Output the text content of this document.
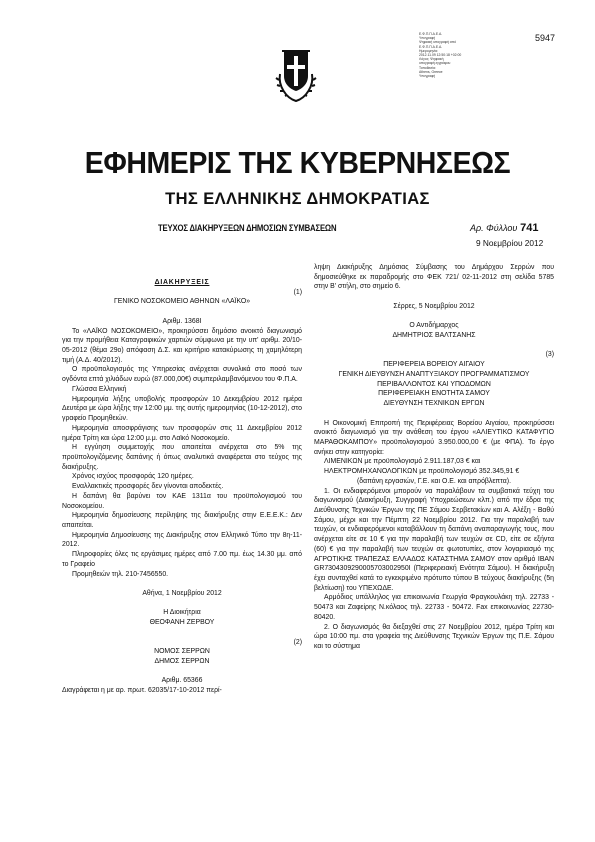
Ε.Φ.Π.Π.Α.Ε.Α.
Υπογραφή
Ψηφιακή υπογραφή από
Ε.Φ.Π.Π.Α.Ε.Α.
Ημερομηνία:
2012.11.09 12:50:18 +02:00
Λόγος: Ψηφιακή
υπογραφή εγγράφου
Τοποθεσία:
Athens, Greece
Υπογραφή
5947
ΕΦΗΜΕΡΙΣ ΤΗΣ ΚΥΒΕΡΝΗΣΕΩΣ
ΤΗΣ ΕΛΛΗΝΙΚΗΣ ΔΗΜΟΚΡΑΤΙΑΣ
ΤΕΥΧΟΣ ΔΙΑΚΗΡΥΞΕΩΝ ΔΗΜΟΣΙΩΝ ΣΥΜΒΑΣΕΩΝ	Αρ. Φύλλου 741
9 Νοεμβρίου 2012

ΔΙΑΚΗΡΥΞΕΙΣ

(1)

ΓΕΝΙΚΟ ΝΟΣΟΚΟΜΕΙΟ ΑΘΗΝΩΝ «ΛΑΪΚΟ»

Αριθμ. 1368Ι

Το «ΛΑΪΚΟ ΝΟΣΟΚΟΜΕΙΟ», προκηρύσσει δημόσιο ανοικτό διαγωνισμό για την προμήθεια Καταγραφικών χαρτιών σύμφωνα με την υπ' αριθμ. 20/10-05-2012 (θέμα 29ο) απόφαση Δ.Σ. και κριτήριο κατακύρωσης τη χαμηλότερη τιμή (Α.Δ. 40/2012).

Ο προϋπολογισμός της Υπηρεσίας ανέρχεται συνολικά στο ποσό των ογδόντα επτά χιλιάδων ευρώ (87.000,00€) συμπεριλαμβανόμενου του Φ.Π.Α.

Γλώσσα Ελληνική

Ημερομηνία λήξης υποβολής προσφορών 10 Δεκεμβρίου 2012 ημέρα Δευτέρα με ώρα λήξης την 12:00 μμ. της αυτής ημερομηνίας (10-12-2012), στο γραφείο Προμηθειών.

Ημερομηνία αποσφράγισης των προσφορών στις 11 Δεκεμβρίου 2012 ημέρα Τρίτη και ώρα 12:00 μ.μ. στο Λαϊκό Νοσοκομείο.

Η εγγύηση συμμετοχής που απαιτείται ανέρχεται στο 5% της προϋπολογιζόμενης δαπάνης ή όπως αναλυτικά αναφέρεται στο τεύχος της διακήρυξης.

Χρόνος ισχύος προσφοράς 120 ημέρες.

Εναλλακτικές προσφορές δεν γίνονται αποδεκτές.

Η δαπάνη θα βαρύνει τον ΚΑΕ 1311α του προϋπολογισμού του Νοσοκομείου.

Ημερομηνία δημοσίευσης περίληψης της διακήρυξης στην Ε.Ε.Ε.Κ.: Δεν απαιτείται.

Ημερομηνία Δημοσίευσης της Διακήρυξης στον Ελληνικό Τύπο την 8η-11-2012.

Πληροφορίες όλες τις εργάσιμες ημέρες από 7.00 πμ. έως 14.30 μμ. από το Γραφείο

Προμηθειών τηλ. 210-7456550.

Αθήνα, 1 Νοεμβρίου 2012

Η Διοικήτρια

ΘΕΟΦΑΝΗ ΖΕΡΒΟΥ

(2)

ΝΟΜΟΣ ΣΕΡΡΩΝ

ΔΗΜΟΣ ΣΕΡΡΩΝ

Αριθμ. 65366

Διαγράφεται η με αρ. πρωτ. 62035/17-10-2012 περί-

ληψη Διακήρυξης Δημόσιας Σύμβασης του Δημάρχου Σερρών που δημοσιεύθηκε εκ παραδρομής στο ΦΕΚ 721/ 02-11-2012 στη σελίδα 5785 στην Β' στήλη, στο σημείο 6.

Σέρρες, 5 Νοεμβρίου 2012

Ο Αντιδήμαρχος

ΔΗΜΗΤΡΙΟΣ ΒΑΛΤΣΑΝΗΣ

(3)

ΠΕΡΙΦΕΡΕΙΑ ΒΟΡΕΙΟΥ ΑΙΓΑΙΟΥ

ΓΕΝΙΚΗ ΔΙΕΥΘΥΝΣΗ ΑΝΑΠΤΥΞΙΑΚΟΥ ΠΡΟΓΡΑΜΜΑΤΙΣΜΟΥ

ΠΕΡΙΒΑΛΛΟΝΤΟΣ ΚΑΙ ΥΠΟΔΟΜΩΝ

ΠΕΡΙΦΕΡΕΙΑΚΗ ΕΝΟΤΗΤΑ ΣΑΜΟΥ

ΔΙΕΥΘΥΝΣΗ ΤΕΧΝΙΚΩΝ ΕΡΓΩΝ

Η Οικονομική Επιτροπή της Περιφέρειας Βορείου Αιγαίου, προκηρύσσει ανοικτό διαγωνισμό για την ανάθεση του έργου «ΑΛΙΕΥΤΙΚΟ ΚΑΤΑΦΥΓΙΟ ΜΑΡΑΘΟΚΑΜΠΟΥ» προϋπολογισμού 3.950.000,00 € (με ΦΠΑ). Το έργο ανήκει στην κατηγορία:

ΛΙΜΕΝΙΚΩΝ με προϋπολογισμό 2.911.187,03 € και

ΗΛΕΚΤΡΟΜΗΧΑΝΟΛΟΓΙΚΩΝ με προϋπολογισμό 352.345,91 €

(δαπάνη εργασιών, Γ.Ε. και Ο.Ε. και απρόβλεπτα).

1. Οι ενδιαφερόμενοι μπορούν να παραλάβουν τα συμβατικά τεύχη του διαγωνισμού (Διακήρυξη, Συγγραφή Υποχρεώσεων κλπ.) από την έδρα της Διεύθυνσης Τεχνικών Έργων της ΠΕ Σάμου Σερβετακίων και Α. Αλέξη - Βαθύ Σάμου, μέχρι και την Πέμπτη 22 Νοεμβρίου 2012. Για την παραλαβή των τευχών, οι ενδιαφερόμενοι καταβάλλουν τη δαπάνη αναπαραγωγής τους, που ανέρχεται είτε σε 10 € για την παραλαβή των τευχών σε CD, είτε σε εξήντα (60) € για την παραλαβή των τευχών σε φωτοτυπίες, στον λογαριασμό της ΑΓΡΟΤΙΚΗΣ ΤΡΑΠΕΖΑΣ ΕΛΛΑΔΟΣ ΚΑΤΑΣΤΗΜΑ ΣΑΜΟΥ στον αριθμό IBAN GR7304309290005703002950Ι (Περιφερειακή Ενότητα Σάμου). Η διακήρυξη έχει συνταχθεί κατά το εγκεκριμένο πρότυπο τύπου Β τεύχους διακήρυξης (5η βελτίωση) του ΥΠΕΧΩΔΕ.

Αρμόδιος υπάλληλος για επικοινωνία Γεωργία Φραγκουλάκη τηλ. 22733 - 50473 και Ζαφείρης Ν.κόλαος τηλ. 22733 - 50472. Fax επικοινωνίας 22730-80420.

2. Ο διαγωνισμός θα διεξαχθεί στις 27 Νοεμβρίου 2012, ημέρα Τρίτη και ώρα 10:00 πμ. στα γραφεία της Διεύθυνσης Τεχνικών Έργων της Π.Ε. Σάμου και το σύστημα
